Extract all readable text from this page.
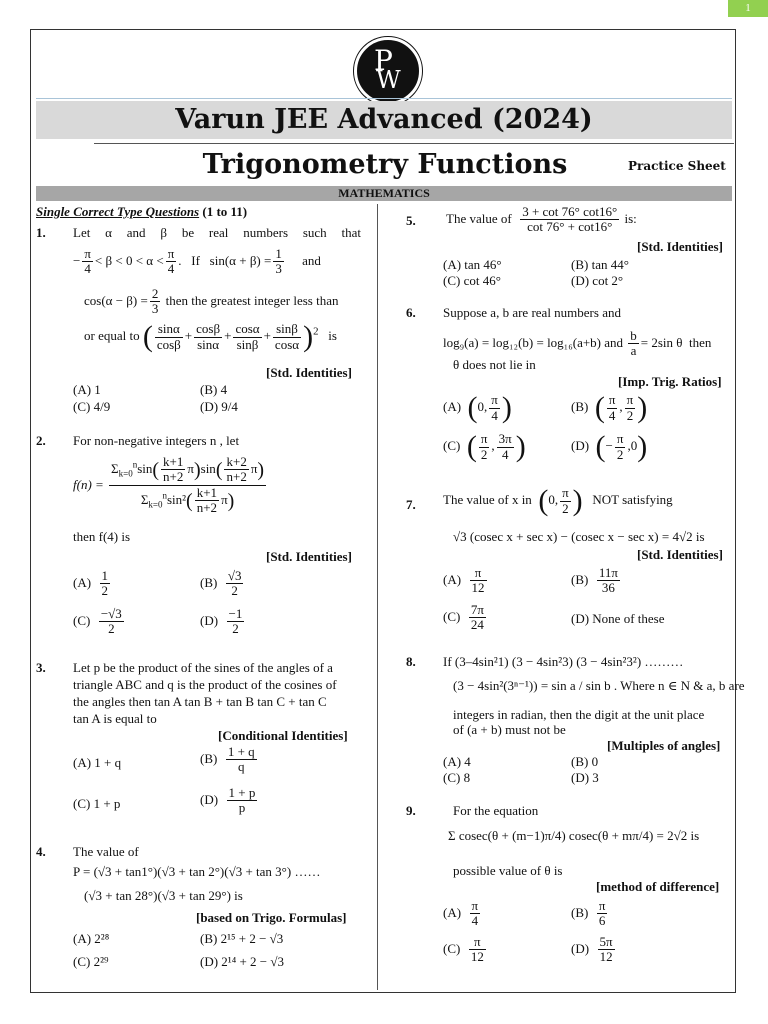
1
P
W
Varun JEE Advanced (2024)
Trigonometry Functions	Practice Sheet
MATHEMATICS
Single Correct Type Questions (1 to 11)
1. Let α and β be real numbers such that
− $\frac{\pi}{4} < \beta < 0 < \alpha < \frac{\pi}{4}$ .   If   $\sin(\alpha + \beta) = \frac{1}{3}$ and
$\cos(\alpha - \beta) = \frac{2}{3}$ then the greatest integer less than
or equal to ( $\frac{\sin\alpha}{\cos\beta} + \frac{\cos\beta}{\sin\alpha} + \frac{\cos\alpha}{\sin\beta} + \frac{\sin\beta}{\cos\alpha} )^2$ is
[Std. Identities]
(A) 1	(B) 4
(C) 4/9	(D) 9/4
2. For non-negative integers n , let
$f(n) = \frac{\Sigma_{k=0}^n\sin( \frac{k+1}{n+2} \pi)\sin( \frac{k+2}{n+2} \pi)}{\Sigma_{k=0}^n\sin^2( \frac{k+1}{n+2} \pi)}$
then f(4) is
[Std. Identities]
$(A) \frac{1}{2}$	$(B) \frac{√3}{2}$
$(C) \frac{-√3}{2}$	$(D) \frac{-1}{2}$
3. Let p be the product of the sines of the angles of a
triangle ABC and q is the product of the cosines of
the angles then tan A tan B + tan B tan C + tan C
tan A is equal to
[Conditional Identities]
(A) 1 + q	$(B) \frac{1 + q}{q}$
(C) 1 + p	$(D) \frac{1 + p}{p}$
4. The value of
P = (√3 + tan1°)(√3 + tan 2°)(√3 + tan 3°) ……
(√3 + tan 28°)(√3 + tan 29°) is
[based on Trigo. Formulas]
(A) 2²⁸	(B) 2¹⁵ + 2 − √3
(C) 2²⁹	(D) 2¹⁴ + 2 − √3
5. The value of $\frac{3 + \cot 76^\circ \cot 16^\circ}{\cot 76^\circ + \cot 16^\circ}$ is:
[Std. Identities]
(A) tan 46°	(B) tan 44°
(C) cot 46°	(D) cot 2°
6. Suppose a, b are real numbers and
log₉(a) = log₁₂(b) = log₁₆(a+b) and $\frac{b}{a} = 2\sin$ θ  then
θ does not lie in
[Imp. Trig. Ratios]
(A) (0, $\frac{\pi}{4}$ )	(B) ( $\frac{\pi}{4}$ , $\frac{\pi}{2}$ )
(C) ( $\frac{\pi}{2}$ , $\frac{3\pi}{4}$ )	(D) (− $\frac{\pi}{2} ,0$)
7. The value of x in (0, $\frac{\pi}{2}$ ) NOT satisfying
√3 (cosec x + sec x) − (cosec x − sec x) = 4√2 is
[Std. Identities]
$(A) \frac{\pi}{12}$	$(B) \frac{11\pi}{36}$
$(C) \frac{7\pi}{24}$	(D) None of these
8. If (3–4sin²1) (3 − 4sin²3) (3 − 4sin²3²) ………
(3 − 4sin²(3ⁿ⁻¹)) = sin a / sin b . Where n ∈ N & a, b are
integers in radian, then the digit at the unit place
of (a + b) must not be
[Multiples of angles]
(A) 4	(B) 0
(C) 8	(D) 3
9.	For the equation
Σ cosec(θ + (m−1)π/4) cosec(θ + mπ/4) = 2√2 is
possible value of θ is
[method of difference]
$(A) \frac{\pi}{4}$	$(B) \frac{\pi}{6}$
$(C) \frac{\pi}{12}$	$(D) \frac{5\pi}{12}$
